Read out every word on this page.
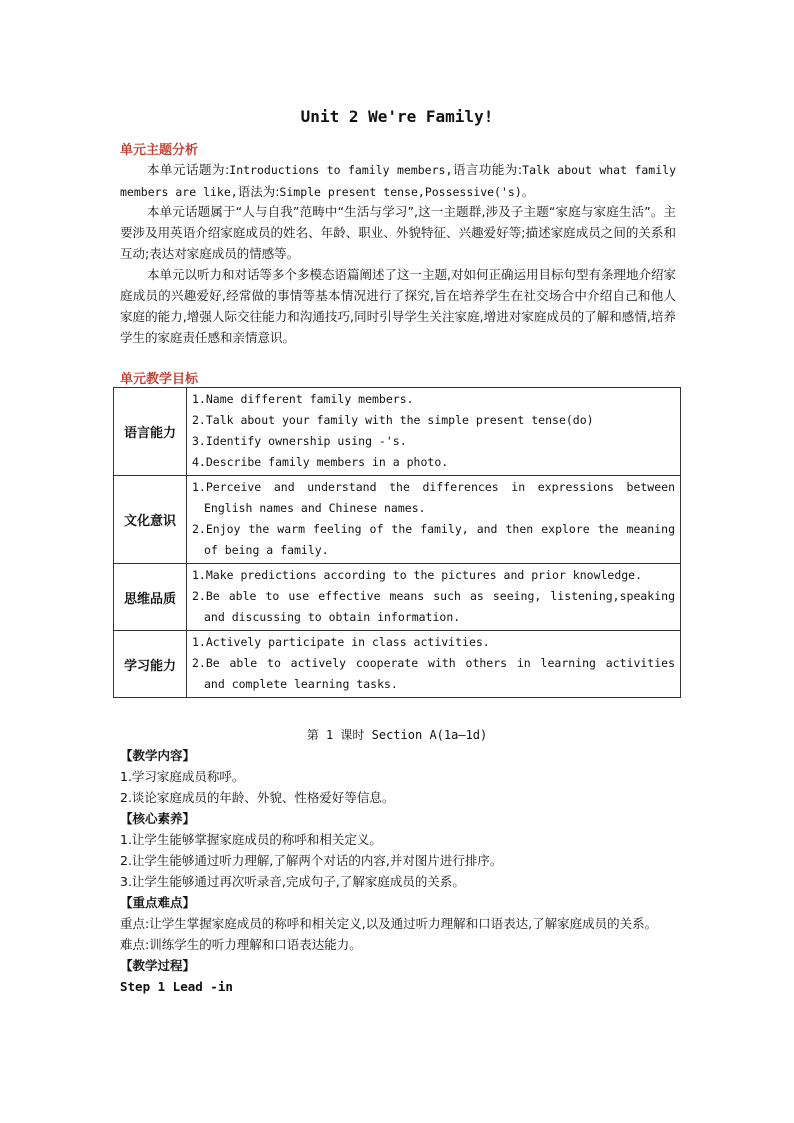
Unit 2 We're Family!
单元主题分析
本单元话题为:Introductions to family members,语言功能为:Talk about what family members are like,语法为:Simple present tense,Possessive('s)。
本单元话题属于“人与自我”范畴中“生活与学习”,这一主题群,涉及子主题“家庭与家庭生活”。主要涉及用英语介绍家庭成员的姓名、年龄、职业、外貌特征、兴趣爱好等;描述家庭成员之间的关系和互动;表达对家庭成员的情感等。
本单元以听力和对话等多个多模态语篇阐述了这一主题,对如何正确运用目标句型有条理地介绍家庭成员的兴趣爱好,经常做的事情等基本情况进行了探究,旨在培养学生在社交场合中介绍自己和他人家庭的能力,增强人际交往能力和沟通技巧,同时引导学生关注家庭,增进对家庭成员的了解和感情,培养学生的家庭责任感和亲情意识。
单元教学目标
语言能力	1.Name different family members.
2.Talk about your family with the simple present tense(do)
3.Identify ownership using -'s.
4.Describe family members in a photo.

文化意识	1.Perceive and understand the differences in expressions between English names and Chinese names.
2.Enjoy the warm feeling of the family, and then explore the meaning of being a family.

思维品质	1.Make predictions according to the pictures and prior knowledge.
2.Be able to use effective means such as seeing, listening,speaking and discussing to obtain information.

学习能力	1.Actively participate in class activities.
2.Be able to actively cooperate with others in learning activities and complete learning tasks.
第 1 课时 Section A(1a—1d)
【教学内容】
1.学习家庭成员称呼。
2.谈论家庭成员的年龄、外貌、性格爱好等信息。
【核心素养】
1.让学生能够掌握家庭成员的称呼和相关定义。
2.让学生能够通过听力理解,了解两个对话的内容,并对图片进行排序。
3.让学生能够通过再次听录音,完成句子,了解家庭成员的关系。
【重点难点】
重点:让学生掌握家庭成员的称呼和相关定义,以及通过听力理解和口语表达,了解家庭成员的关系。
难点:训练学生的听力理解和口语表达能力。
【教学过程】
Step 1 Lead -in
